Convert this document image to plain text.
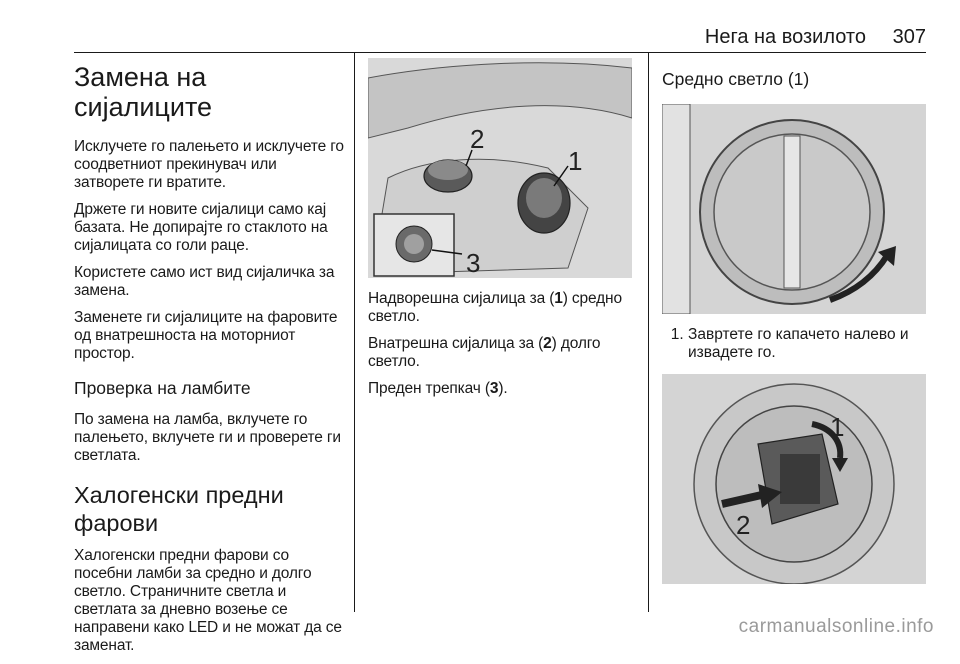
Нега на возилото 307
Замена на сијалиците

Исклучете го палењето и исклучете го соодветниот прекинувач или затворете ги вратите.

Држете ги новите сијалици само кај базата. Не допирајте го стаклото на сијалицата со голи раце.

Користете само ист вид сијаличка за замена.

Заменете ги сијалиците на фаровите од внатрешноста на моторниот простор.

Проверка на ламбите

По замена на ламба, вклучете го палењето, вклучете ги и проверете ги светлата.

Халогенски предни фарови

Халогенски предни фарови со посебни ламби за средно и долго светло. Страничните светла и светлата за дневно возење се направени како LED и не можат да се заменат.

1
2
3

Надворешна сијалица за (1) средно светло.

Внатрешна сијалица за (2) долго светло.

Преден трепкач (3).

Средно светло (1)
1. Завртете го капачето налево и извадете го.
1
2
carmanualsonline.info
